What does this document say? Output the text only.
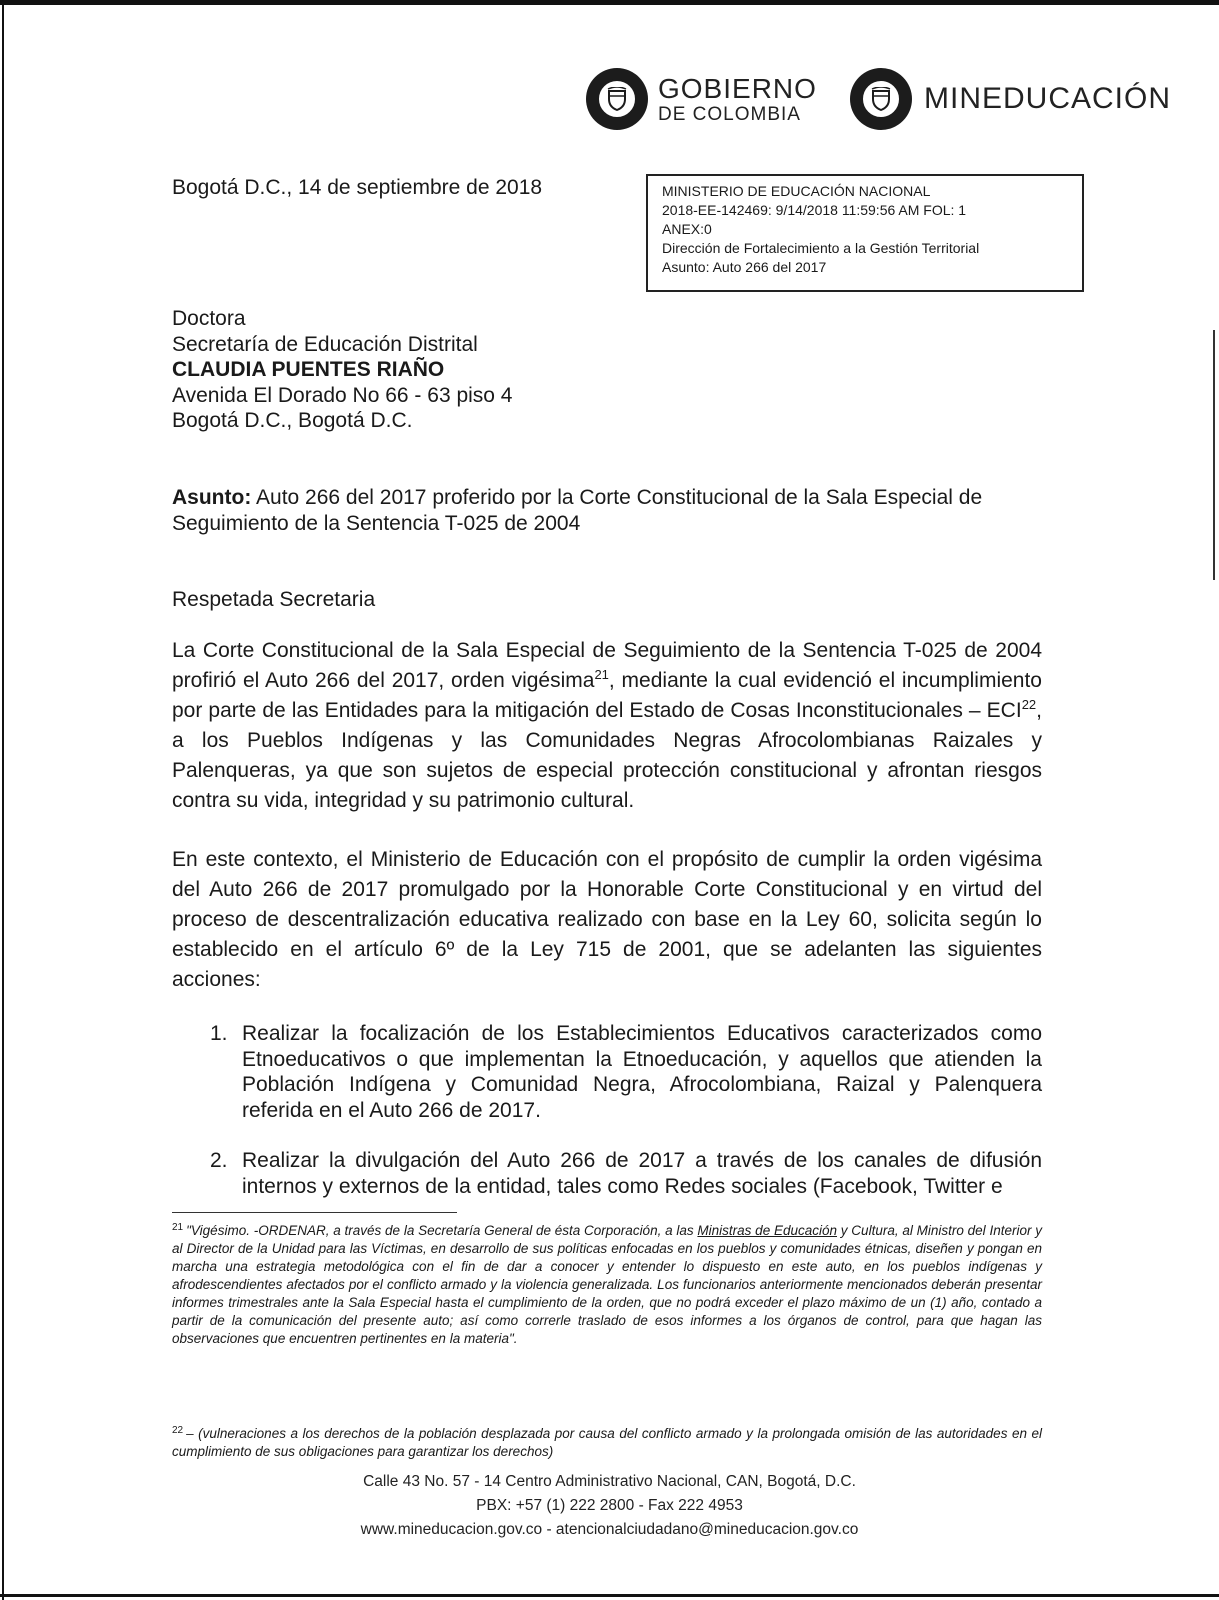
GOBIERNO
DE COLOMBIA	MINEDUCACIÓN
Bogotá D.C., 14 de septiembre de 2018	MINISTERIO DE EDUCACIÓN NACIONAL
2018-EE-142469: 9/14/2018 11:59:56 AM FOL: 1
ANEX:0
Dirección de Fortalecimiento a la Gestión Territorial
Asunto: Auto 266 del 2017
Doctora
Secretaría de Educación Distrital
CLAUDIA PUENTES RIAÑO
Avenida El Dorado No 66 - 63 piso 4
Bogotá D.C., Bogotá D.C.
Asunto: Auto 266 del 2017 proferido por la Corte Constitucional de la Sala Especial de Seguimiento de la Sentencia T-025 de 2004
Respetada Secretaria
La Corte Constitucional de la Sala Especial de Seguimiento de la Sentencia T-025 de 2004 profirió el Auto 266 del 2017, orden vigésima$^{21}$, mediante la cual evidenció el incumplimiento por parte de las Entidades para la mitigación del Estado de Cosas Inconstitucionales – ECI$^{22}$, a los Pueblos Indígenas y las Comunidades Negras Afrocolombianas Raizales y Palenqueras, ya que son sujetos de especial protección constitucional y afrontan riesgos contra su vida, integridad y su patrimonio cultural.
En este contexto, el Ministerio de Educación con el propósito de cumplir la orden vigésima del Auto 266 de 2017 promulgado por la Honorable Corte Constitucional y en virtud del proceso de descentralización educativa realizado con base en la Ley 60, solicita según lo establecido en el artículo 6º de la Ley 715 de 2001, que se adelanten las siguientes acciones:
1. Realizar la focalización de los Establecimientos Educativos caracterizados como Etnoeducativos o que implementan la Etnoeducación, y aquellos que atienden la Población Indígena y Comunidad Negra, Afrocolombiana, Raizal y Palenquera referida en el Auto 266 de 2017.
2. Realizar la divulgación del Auto 266 de 2017 a través de los canales de difusión internos y externos de la entidad, tales como Redes sociales (Facebook, Twitter e
$^{21}$ "Vigésimo. -ORDENAR, a través de la Secretaría General de ésta Corporación, a las Ministras de Educación y Cultura, al Ministro del Interior y al Director de la Unidad para las Víctimas, en desarrollo de sus políticas enfocadas en los pueblos y comunidades étnicas, diseñen y pongan en marcha una estrategia metodológica con el fin de dar a conocer y entender lo dispuesto en este auto, en los pueblos indígenas y afrodescendientes afectados por el conflicto armado y la violencia generalizada. Los funcionarios anteriormente mencionados deberán presentar informes trimestrales ante la Sala Especial hasta el cumplimiento de la orden, que no podrá exceder el plazo máximo de un (1) año, contado a partir de la comunicación del presente auto; así como correrle traslado de esos informes a los órganos de control, para que hagan las observaciones que encuentren pertinentes en la materia".
$^{22}$ – (vulneraciones a los derechos de la población desplazada por causa del conflicto armado y la prolongada omisión de las autoridades en el cumplimiento de sus obligaciones para garantizar los derechos)
Calle 43 No. 57 - 14 Centro Administrativo Nacional, CAN, Bogotá, D.C.
PBX: +57 (1) 222 2800 - Fax 222 4953
www.mineducacion.gov.co - atencionalciudadano@mineducacion.gov.co
